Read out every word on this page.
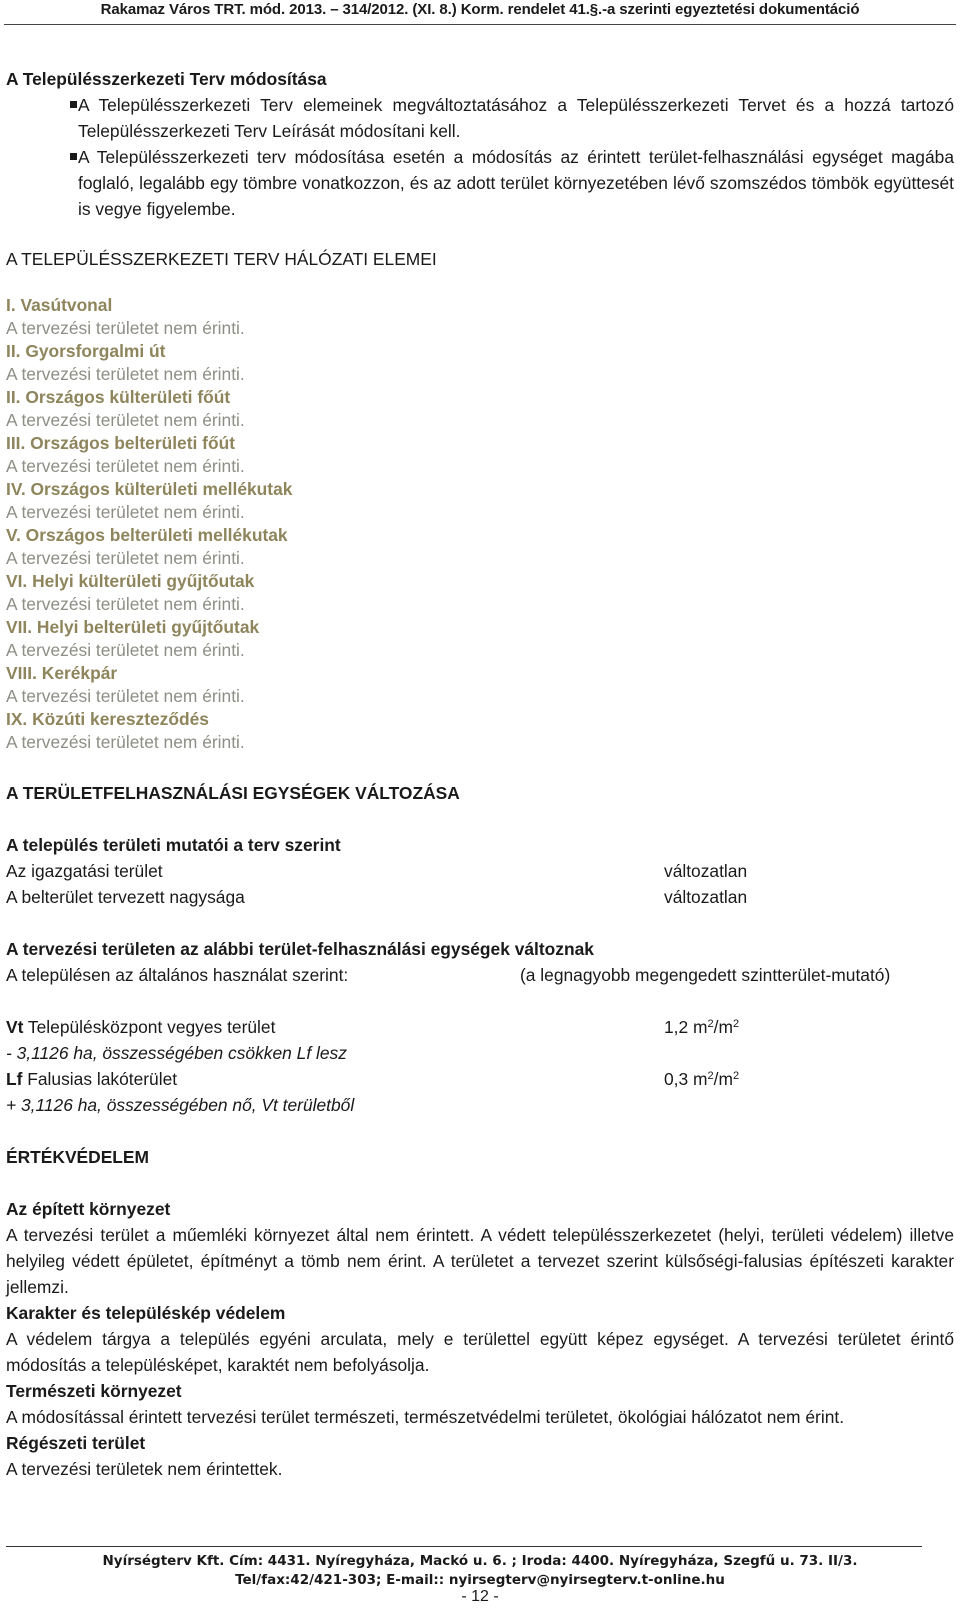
Rakamaz Város TRT. mód. 2013. – 314/2012. (XI. 8.) Korm. rendelet 41.§.-a szerinti egyeztetési dokumentáció

A Településszerkezeti Terv módosítása

A Településszerkezeti Terv elemeinek megváltoztatásához a Településszerkezeti Tervet és a hozzá tartozó Településszerkezeti Terv Leírását módosítani kell.
A Településszerkezeti terv módosítása esetén a módosítás az érintett terület-felhasználási egységet magába foglaló, legalább egy tömbre vonatkozzon, és az adott terület környezetében lévő szomszédos tömbök együttesét is vegye figyelembe.

A TELEPÜLÉSSZERKEZETI TERV HÁLÓZATI ELEMEI

I. Vasútvonal

A tervezési területet nem érinti.

II. Gyorsforgalmi út

A tervezési területet nem érinti.

II. Országos külterületi főút

A tervezési területet nem érinti.

III. Országos belterületi főút

A tervezési területet nem érinti.

IV. Országos külterületi mellékutak

A tervezési területet nem érinti.

V. Országos belterületi mellékutak

A tervezési területet nem érinti.

VI. Helyi külterületi gyűjtőutak

A tervezési területet nem érinti.

VII. Helyi belterületi gyűjtőutak

A tervezési területet nem érinti.

VIII. Kerékpár

A tervezési területet nem érinti.

IX. Közúti kereszteződés

A tervezési területet nem érinti.

A TERÜLETFELHASZNÁLÁSI EGYSÉGEK VÁLTOZÁSA

A település területi mutatói a terv szerint

Az igazgatási terület	változatlan
A belterület tervezett nagysága	változatlan

A tervezési területen az alábbi terület-felhasználási egységek változnak

A településen az általános használat szerint:	(a legnagyobb megengedett szintterület-mutató)
Vt Településközpont vegyes terület	1,2 $m^2/m^2$

- 3,1126 ha, összességében csökken Lf lesz

Lf Falusias lakóterület	0,3 $m^2/m^2$

+ 3,1126 ha, összességében nő, Vt területből

ÉRTÉKVÉDELEM

Az épített környezet

A tervezési terület a műemléki környezet által nem érintett. A védett településszerkezetet (helyi, területi védelem) illetve helyileg védett épületet, építményt a tömb nem érint. A területet a tervezet szerint külsőségi-falusias építészeti karakter jellemzi.

Karakter és településkép védelem

A védelem tárgya a település egyéni arculata, mely e területtel együtt képez egységet. A tervezési területet érintő módosítás a településképet, karaktét nem befolyásolja.

Természeti környezet

A módosítással érintett tervezési terület természeti, természetvédelmi területet, ökológiai hálózatot nem érint.

Régészeti terület

A tervezési területek nem érintettek.

Nyírségterv Kft. Cím: 4431. Nyíregyháza, Mackó u. 6. ; Iroda: 4400. Nyíregyháza, Szegfű u. 73. II/3.
Tel/fax:42/421-303; E-mail:: nyirsegterv@nyirsegterv.t-online.hu
- 12 -
